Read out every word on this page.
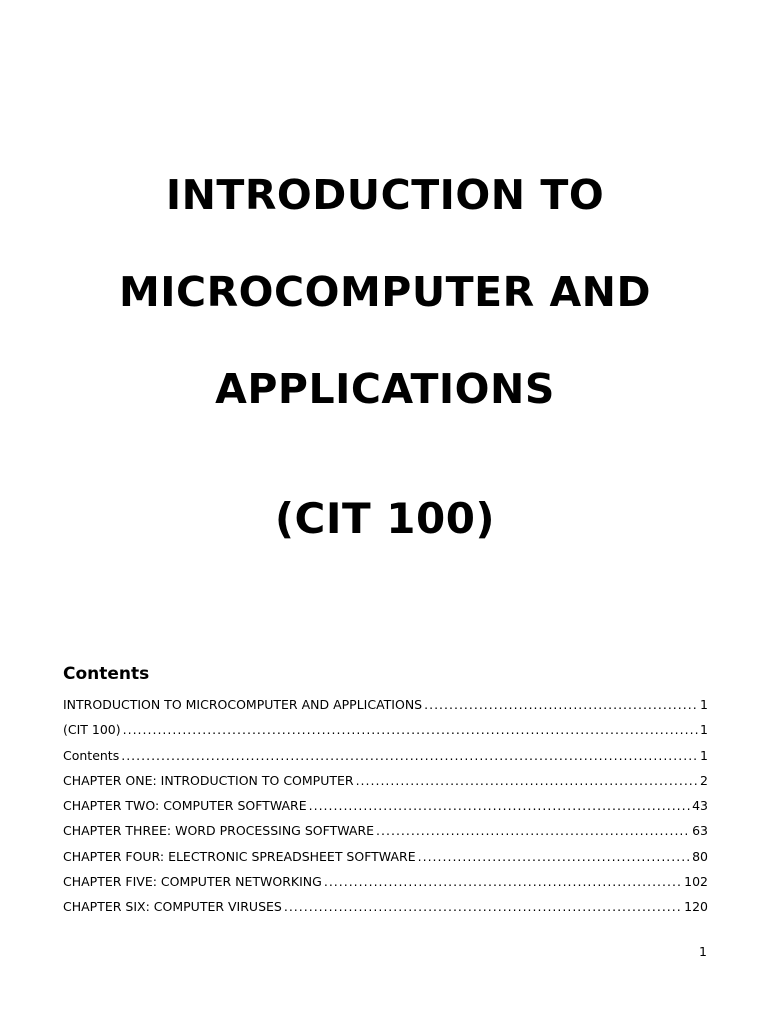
INTRODUCTION TO
MICROCOMPUTER AND
APPLICATIONS
(CIT 100)
Contents
INTRODUCTION TO MICROCOMPUTER AND APPLICATIONS .....	1
(CIT 100) .....	1
Contents .....	1
CHAPTER ONE: INTRODUCTION TO COMPUTER .....	2
CHAPTER TWO: COMPUTER SOFTWARE .....	43
CHAPTER THREE: WORD PROCESSING SOFTWARE .....	63
CHAPTER FOUR: ELECTRONIC SPREADSHEET SOFTWARE .....	80
CHAPTER FIVE: COMPUTER NETWORKING .....	102
CHAPTER SIX: COMPUTER VIRUSES .....	120
1
